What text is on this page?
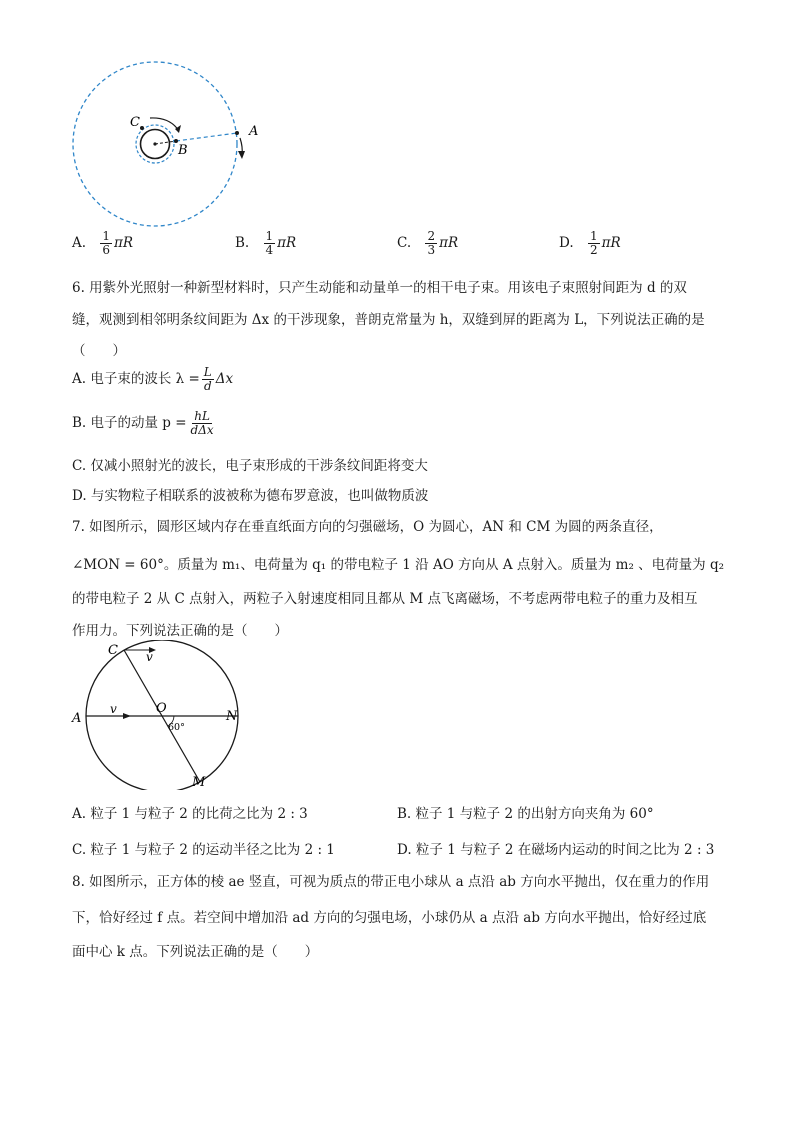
C
B
A
A. $\frac{1}{6}$ πR	B. $\frac{1}{4}$ πR	C. $\frac{2}{3}$ πR	D. $\frac{1}{2}$ πR
6. 用紫外光照射一种新型材料时，只产生动能和动量单一的相干电子束。用该电子束照射间距为 d 的双
缝，观测到相邻明条纹间距为 Δx 的干涉现象，普朗克常量为 h，双缝到屏的距离为 L，下列说法正确的是
（　　）
A. 电子束的波长 $\lambda = \frac{L}{d}$ Δx
B. 电子的动量 $p = \frac{hL}{\text{dΔx}}$
C. 仅减小照射光的波长，电子束形成的干涉条纹间距将变大
D. 与实物粒子相联系的波被称为德布罗意波，也叫做物质波
7. 如图所示，圆形区域内存在垂直纸面方向的匀强磁场，O 为圆心，AN 和 CM 为圆的两条直径，
∠MON = 60°。质量为 m₁、电荷量为 q₁ 的带电粒子 1 沿 AO 方向从 A 点射入。质量为 m₂ 、电荷量为 q₂
的带电粒子 2 从 C 点射入，两粒子入射速度相同且都从 M 点飞离磁场，不考虑两带电粒子的重力及相互
作用力。下列说法正确的是（　　）
C v
A
v	O
60°
N
M
A. 粒子 1 与粒子 2 的比荷之比为 2 : 3	B. 粒子 1 与粒子 2 的出射方向夹角为 60°
C. 粒子 1 与粒子 2 的运动半径之比为 2 : 1	D. 粒子 1 与粒子 2 在磁场内运动的时间之比为 2 : 3
8. 如图所示，正方体的棱 ae 竖直，可视为质点的带正电小球从 a 点沿 ab 方向水平抛出，仅在重力的作用
下，恰好经过 f 点。若空间中增加沿 ad 方向的匀强电场，小球仍从 a 点沿 ab 方向水平抛出，恰好经过底
面中心 k 点。下列说法正确的是（　　）
